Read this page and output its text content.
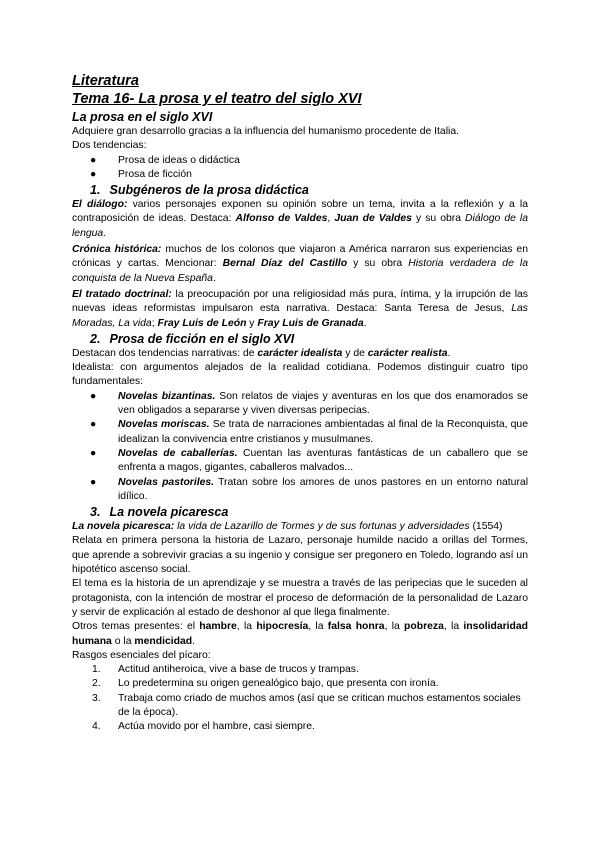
Literatura
Tema 16- La prosa y el teatro del siglo XVI
La prosa en el siglo XVI

Adquiere gran desarrollo gracias a la influencia del humanismo procedente de Italia.

Dos tendencias:

● Prosa de ideas o didáctica
● Prosa de ficción
1. Subgéneros de la prosa didáctica

El diálogo: varios personajes exponen su opinión sobre un tema, invita a la reflexión y a la contraposición de ideas. Destaca: Alfonso de Valdes, Juan de Valdes y su obra Diálogo de la lengua.

Crónica histórica: muchos de los colonos que viajaron a América narraron sus experiencias en crónicas y cartas. Mencionar: Bernal Díaz del Castillo y su obra Historia verdadera de la conquista de la Nueva España.

El tratado doctrinal: la preocupación por una religiosidad más pura, íntima, y la irrupción de las nuevas ideas reformistas impulsaron esta narrativa. Destaca: Santa Teresa de Jesus, Las Moradas, La vida; Fray Luis de León y Fray Luis de Granada.

2. Prosa de ficción en el siglo XVI

Destacan dos tendencias narrativas: de carácter idealista y de carácter realista.

Idealista: con argumentos alejados de la realidad cotidiana. Podemos distinguir cuatro tipo fundamentales:

● Novelas bizantinas. Son relatos de viajes y aventuras en los que dos enamorados se ven obligados a separarse y viven diversas peripecias.
● Novelas moriscas. Se trata de narraciones ambientadas al final de la Reconquista, que idealizan la convivencia entre cristianos y musulmanes.
● Novelas de caballerías. Cuentan las aventuras fantásticas de un caballero que se enfrenta a magos, gigantes, caballeros malvados...
● Novelas pastoriles. Tratan sobre los amores de unos pastores en un entorno natural idílico.
3. La novela picaresca

La novela picaresca: la vida de Lazarillo de Tormes y de sus fortunas y adversidades (1554)

Relata en primera persona la historia de Lazaro, personaje humilde nacido a orillas del Tormes, que aprende a sobrevivir gracias a su ingenio y consigue ser pregonero en Toledo, logrando así un hipotético ascenso social.

El tema es la historia de un aprendizaje y se muestra a través de las peripecias que le suceden al protagonista, con la intención de mostrar el proceso de deformación de la personalidad de Lazaro y servir de explicación al estado de deshonor al que llega finalmente.

Otros temas presentes: el hambre, la hipocresía, la falsa honra, la pobreza, la insolidaridad humana o la mendicidad.

Rasgos esenciales del pícaro:

1. Actitud antiheroica, vive a base de trucos y trampas.
2. Lo predetermina su origen genealógico bajo, que presenta con ironía.
3. Trabaja como criado de muchos amos (así que se critican muchos estamentos sociales de la época).
4. Actúa movido por el hambre, casi siempre.
